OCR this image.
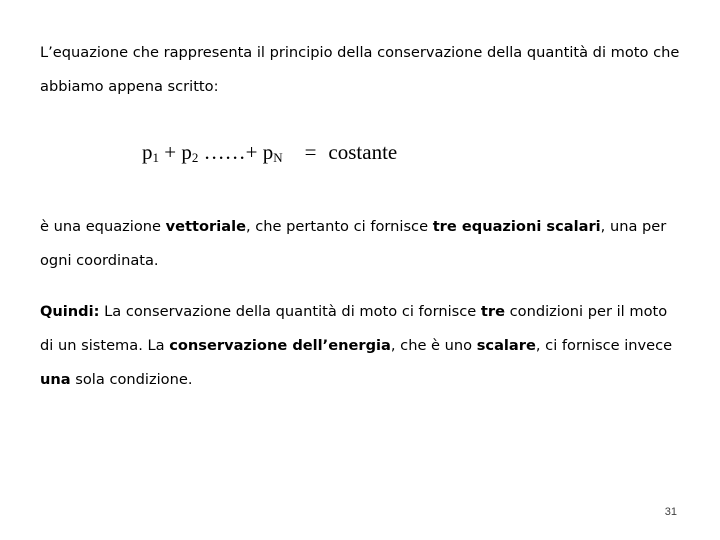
L’equazione che rappresenta il principio della conservazione della quantità di moto che abbiamo appena scritto:

$p_1 + p_2$ ……+ $p_N$ = costante

è una equazione vettoriale, che pertanto ci fornisce tre equazioni scalari, una per ogni coordinata.

Quindi: La conservazione della quantità di moto ci fornisce tre condizioni per il moto di un sistema. La conservazione dell’energia, che è uno scalare, ci fornisce invece una sola condizione.

31
